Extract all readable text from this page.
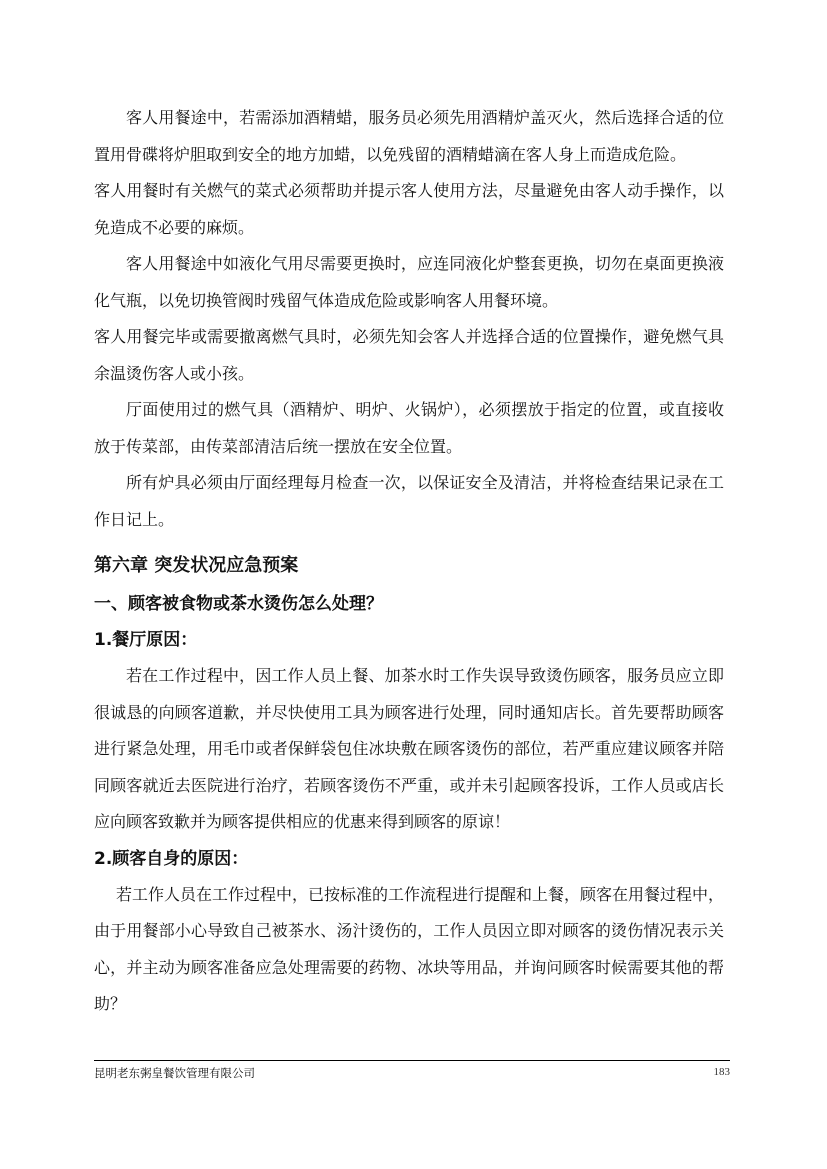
客人用餐途中，若需添加酒精蜡，服务员必须先用酒精炉盖灭火，然后选择合适的位置用骨碟将炉胆取到安全的地方加蜡，以免残留的酒精蜡滴在客人身上而造成危险。

客人用餐时有关燃气的菜式必须帮助并提示客人使用方法，尽量避免由客人动手操作，以免造成不必要的麻烦。

客人用餐途中如液化气用尽需要更换时，应连同液化炉整套更换，切勿在桌面更换液化气瓶，以免切换管阀时残留气体造成危险或影响客人用餐环境。

客人用餐完毕或需要撤离燃气具时，必须先知会客人并选择合适的位置操作，避免燃气具余温烫伤客人或小孩。

厅面使用过的燃气具（酒精炉、明炉、火锅炉），必须摆放于指定的位置，或直接收放于传菜部，由传菜部清洁后统一摆放在安全位置。

所有炉具必须由厅面经理每月检查一次，以保证安全及清洁，并将检查结果记录在工作日记上。

第六章 突发状况应急预案
一、顾客被食物或茶水烫伤怎么处理？
1.餐厅原因：

若在工作过程中，因工作人员上餐、加茶水时工作失误导致烫伤顾客，服务员应立即很诚恳的向顾客道歉，并尽快使用工具为顾客进行处理，同时通知店长。首先要帮助顾客进行紧急处理，用毛巾或者保鲜袋包住冰块敷在顾客烫伤的部位，若严重应建议顾客并陪同顾客就近去医院进行治疗，若顾客烫伤不严重，或并未引起顾客投诉，工作人员或店长应向顾客致歉并为顾客提供相应的优惠来得到顾客的原谅！

2.顾客自身的原因：

若工作人员在工作过程中，已按标准的工作流程进行提醒和上餐，顾客在用餐过程中，由于用餐部小心导致自己被茶水、汤汁烫伤的，工作人员因立即对顾客的烫伤情况表示关心，并主动为顾客准备应急处理需要的药物、冰块等用品，并询问顾客时候需要其他的帮助？

昆明老东粥皇餐饮管理有限公司	183
